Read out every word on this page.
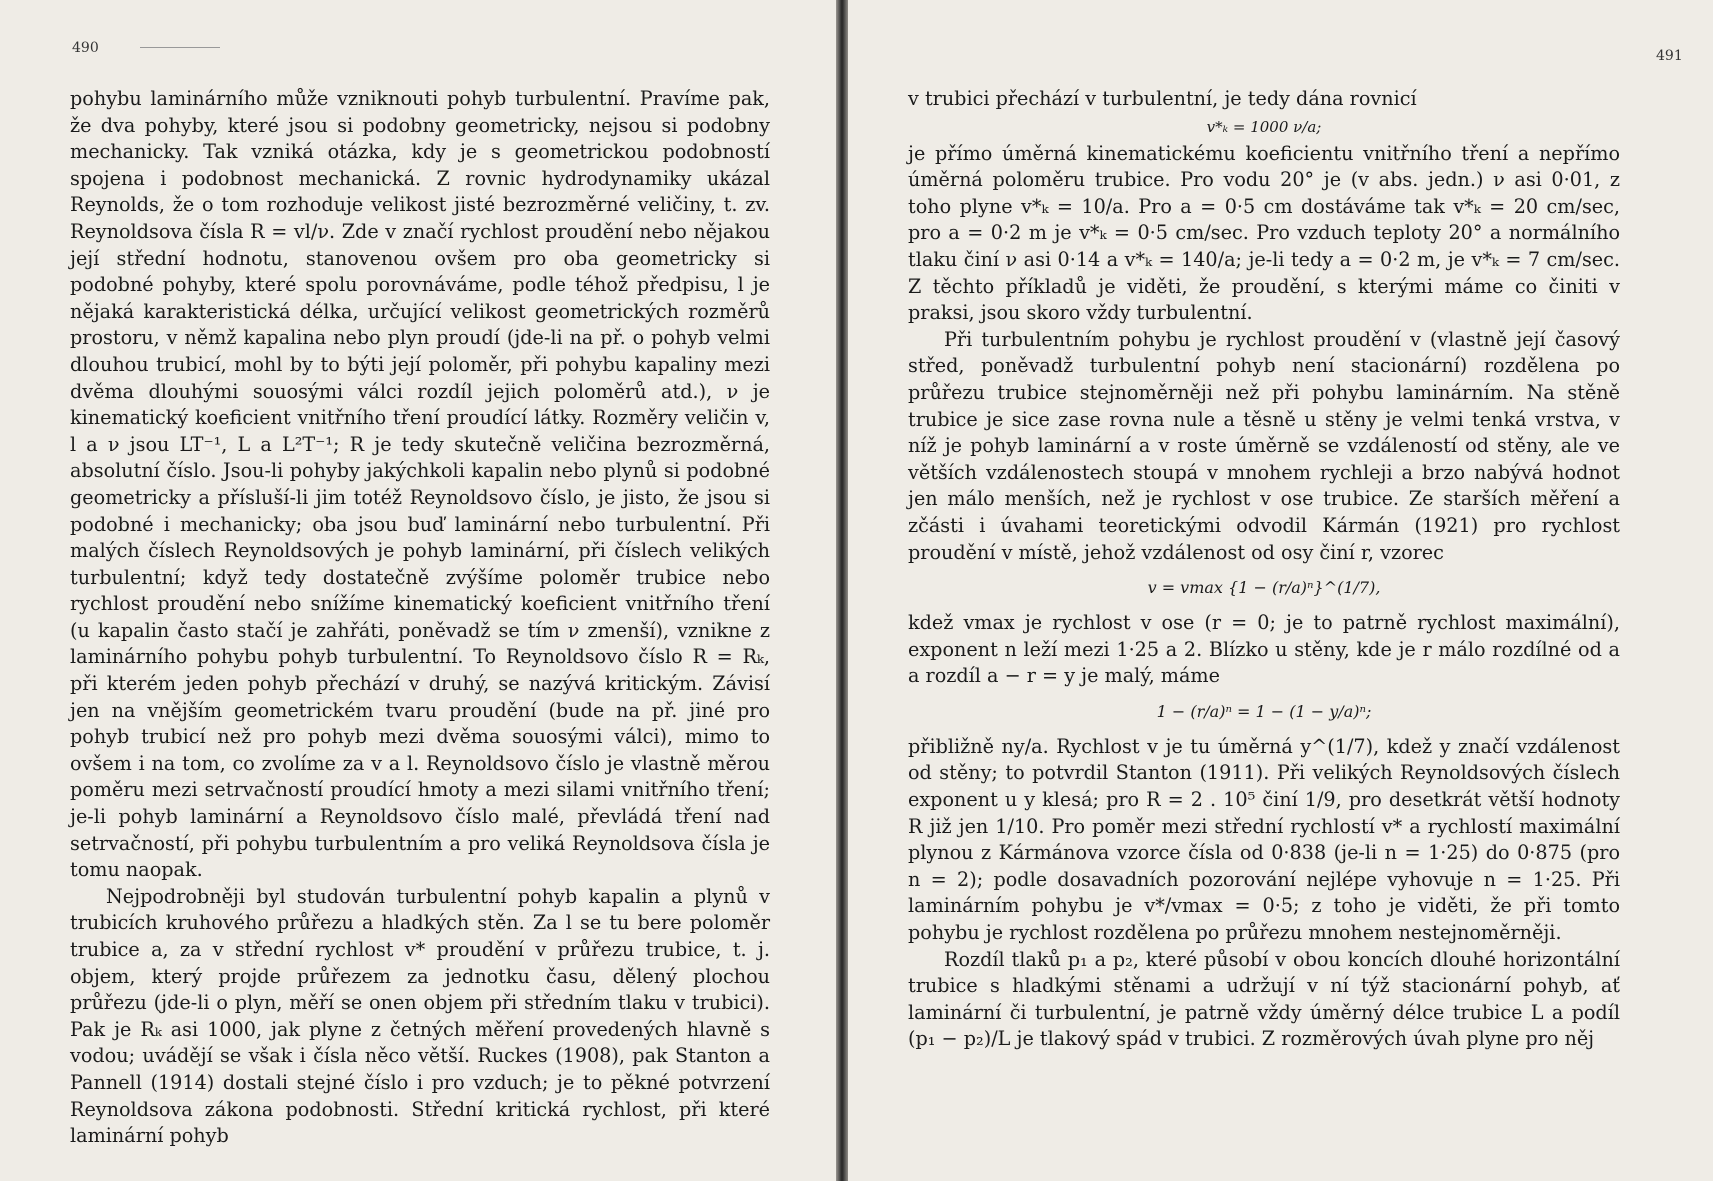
490

pohybu laminárního může vzniknouti pohyb turbulentní. Pravíme pak, že dva pohyby, které jsou si podobny geometricky, nejsou si podobny mechanicky. Tak vzniká otázka, kdy je s geometrickou podobností spojena i podobnost mechanická. Z rovnic hydrodynamiky ukázal Reynolds, že o tom rozhoduje velikost jisté bezrozměrné veličiny, t. zv. Reynoldsova čísla R = vl/ν. Zde v značí rychlost proudění nebo nějakou její střední hodnotu, stanovenou ovšem pro oba geometricky si podobné pohyby, které spolu porovnáváme, podle téhož předpisu, l je nějaká karakteristická délka, určující velikost geometrických rozměrů prostoru, v němž kapalina nebo plyn proudí (jde-li na př. o pohyb velmi dlouhou trubicí, mohl by to býti její poloměr, při pohybu kapaliny mezi dvěma dlouhými souosými válci rozdíl jejich poloměrů atd.), ν je kinematický koeficient vnitřního tření proudící látky. Rozměry veličin v, l a ν jsou LT⁻¹, L a L²T⁻¹; R je tedy skutečně veličina bezrozměrná, absolutní číslo. Jsou-li pohyby jakýchkoli kapalin nebo plynů si podobné geometricky a přísluší-li jim totéž Reynoldsovo číslo, je jisto, že jsou si podobné i mechanicky; oba jsou buď laminární nebo turbulentní. Při malých číslech Reynoldsových je pohyb laminární, při číslech velikých turbulentní; když tedy dostatečně zvýšíme poloměr trubice nebo rychlost proudění nebo snížíme kinematický koeficient vnitřního tření (u kapalin často stačí je zahřáti, poněvadž se tím ν zmenší), vznikne z laminárního pohybu pohyb turbulentní. To Reynoldsovo číslo R = Rₖ, při kterém jeden pohyb přechází v druhý, se nazývá kritickým. Závisí jen na vnějším geometrickém tvaru proudění (bude na př. jiné pro pohyb trubicí než pro pohyb mezi dvěma souosými válci), mimo to ovšem i na tom, co zvolíme za v a l. Reynoldsovo číslo je vlastně měrou poměru mezi setrvačností proudící hmoty a mezi silami vnitřního tření; je-li pohyb laminární a Reynoldsovo číslo malé, převládá tření nad setrvačností, při pohybu turbulentním a pro veliká Reynoldsova čísla je tomu naopak.

Nejpodrobněji byl studován turbulentní pohyb kapalin a plynů v trubicích kruhového průřezu a hladkých stěn. Za l se tu bere poloměr trubice a, za v střední rychlost v* proudění v průřezu trubice, t. j. objem, který projde průřezem za jednotku času, dělený plochou průřezu (jde-li o plyn, měří se onen objem při středním tlaku v trubici). Pak je Rₖ asi 1000, jak plyne z četných měření provedených hlavně s vodou; uvádějí se však i čísla něco větší. Ruckes (1908), pak Stanton a Pannell (1914) dostali stejné číslo i pro vzduch; je to pěkné potvrzení Reynoldsova zákona podobnosti. Střední kritická rychlost, při které laminární pohyb

491

v trubici přechází v turbulentní, je tedy dána rovnicí

v*ₖ = 1000 ν/a;

je přímo úměrná kinematickému koeficientu vnitřního tření a nepřímo úměrná poloměru trubice. Pro vodu 20° je (v abs. jedn.) ν asi 0·01, z toho plyne v*ₖ = 10/a. Pro a = 0·5 cm dostáváme tak v*ₖ = 20 cm/sec, pro a = 0·2 m je v*ₖ = 0·5 cm/sec. Pro vzduch teploty 20° a normálního tlaku činí ν asi 0·14 a v*ₖ = 140/a; je-li tedy a = 0·2 m, je v*ₖ = 7 cm/sec. Z těchto příkladů je viděti, že proudění, s kterými máme co činiti v praksi, jsou skoro vždy turbulentní.

Při turbulentním pohybu je rychlost proudění v (vlastně její časový střed, poněvadž turbulentní pohyb není stacionární) rozdělena po průřezu trubice stejnoměrněji než při pohybu laminárním. Na stěně trubice je sice zase rovna nule a těsně u stěny je velmi tenká vrstva, v níž je pohyb laminární a v roste úměrně se vzdáleností od stěny, ale ve větších vzdálenostech stoupá v mnohem rychleji a brzo nabývá hodnot jen málo menších, než je rychlost v ose trubice. Ze starších měření a zčásti i úvahami teoretickými odvodil Kármán (1921) pro rychlost proudění v místě, jehož vzdálenost od osy činí r, vzorec

v = vmax {1 − (r/a)ⁿ}^(1/7),

kdež vmax je rychlost v ose (r = 0; je to patrně rychlost maximální), exponent n leží mezi 1·25 a 2. Blízko u stěny, kde je r málo rozdílné od a a rozdíl a − r = y je malý, máme

1 − (r/a)ⁿ = 1 − (1 − y/a)ⁿ;

přibližně ny/a. Rychlost v je tu úměrná y^(1/7), kdež y značí vzdálenost od stěny; to potvrdil Stanton (1911). Při velikých Reynoldsových číslech exponent u y klesá; pro R = 2 . 10⁵ činí 1/9, pro desetkrát větší hodnoty R již jen 1/10. Pro poměr mezi střední rychlostí v* a rychlostí maximální plynou z Kármánova vzorce čísla od 0·838 (je-li n = 1·25) do 0·875 (pro n = 2); podle dosavadních pozorování nejlépe vyhovuje n = 1·25. Při laminárním pohybu je v*/vmax = 0·5; z toho je viděti, že při tomto pohybu je rychlost rozdělena po průřezu mnohem nestejnoměrněji.

Rozdíl tlaků p₁ a p₂, které působí v obou koncích dlouhé horizontální trubice s hladkými stěnami a udržují v ní týž stacionární pohyb, ať laminární či turbulentní, je patrně vždy úměrný délce trubice L a podíl (p₁ − p₂)/L je tlakový spád v trubici. Z rozměrových úvah plyne pro něj
